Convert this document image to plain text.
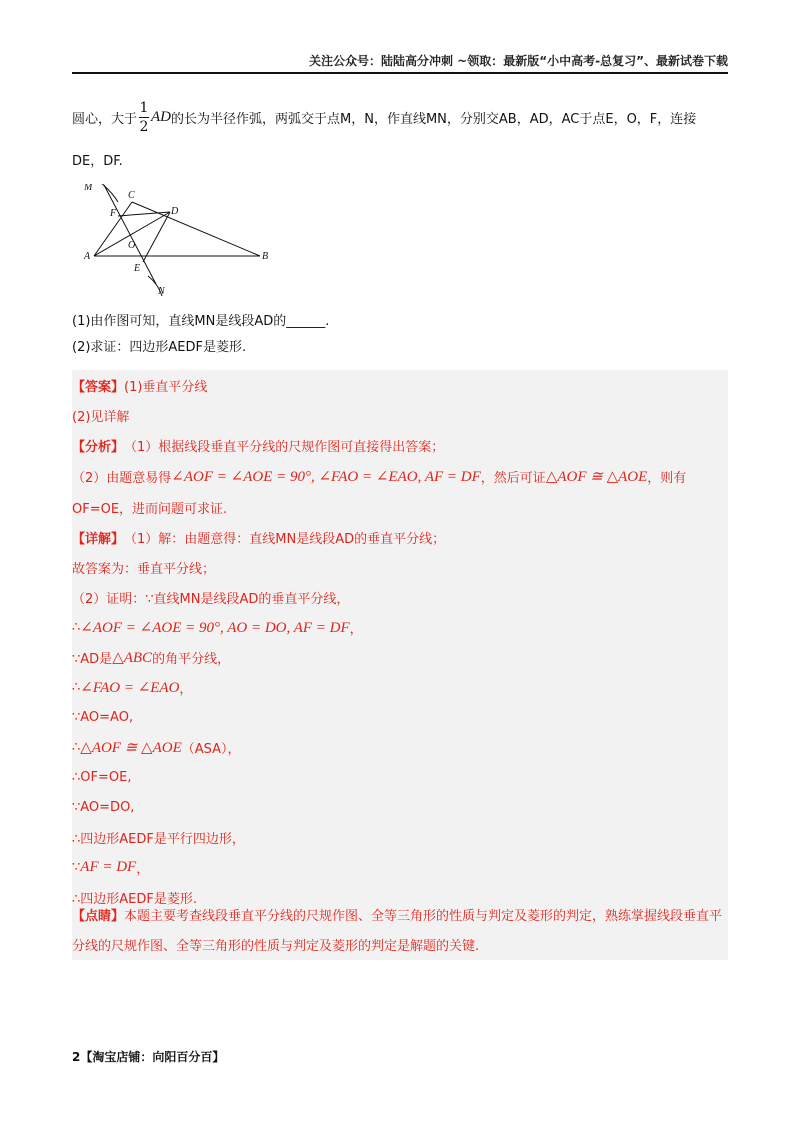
关注公众号：陆陆高分冲刺 ~领取：最新版“小中高考-总复习”、最新试卷下载
圆心，大于 $\frac{1}{2}$ AD 的长为半径作弧，两弧交于点M，N，作直线MN，分别交AB，AD，AC于点E，O，F，连接
DE，DF.
M
C
F	D
O
A
E
B
N
(1)由作图可知，直线MN是线段AD的______.
(2)求证：四边形AEDF是菱形.
【答案】 (1)垂直平分线
(2)见详解
【分析】 （1）根据线段垂直平分线的尺规作图可直接得出答案；
（2）由题意易得 ∠AOF = ∠AOE = 90°, ∠FAO = ∠EAO, AF = DF ，然后可证 △AOF ≅ △AOE ，则有
OF=OE，进而问题可求证.
【详解】 （1）解：由题意得：直线MN是线段AD的垂直平分线；
故答案为：垂直平分线；
（2）证明：∵直线MN是线段AD的垂直平分线，
∴ ∠AOF = ∠AOE = 90°, AO = DO, AF = DF ，
∵AD是 △ABC 的角平分线，
∴ ∠FAO = ∠EAO ，
∵AO=AO,
∴ △AOF ≅ △AOE （ASA），
∴OF=OE,
∵AO=DO,
∴四边形AEDF是平行四边形，
∵ AF = DF ，
∴四边形AEDF是菱形.
【点睛】本题主要考查线段垂直平分线的尺规作图、全等三角形的性质与判定及菱形的判定，熟练掌握线段垂直平分线的尺规作图、全等三角形的性质与判定及菱形的判定是解题的关键.
2【淘宝店铺：向阳百分百】
